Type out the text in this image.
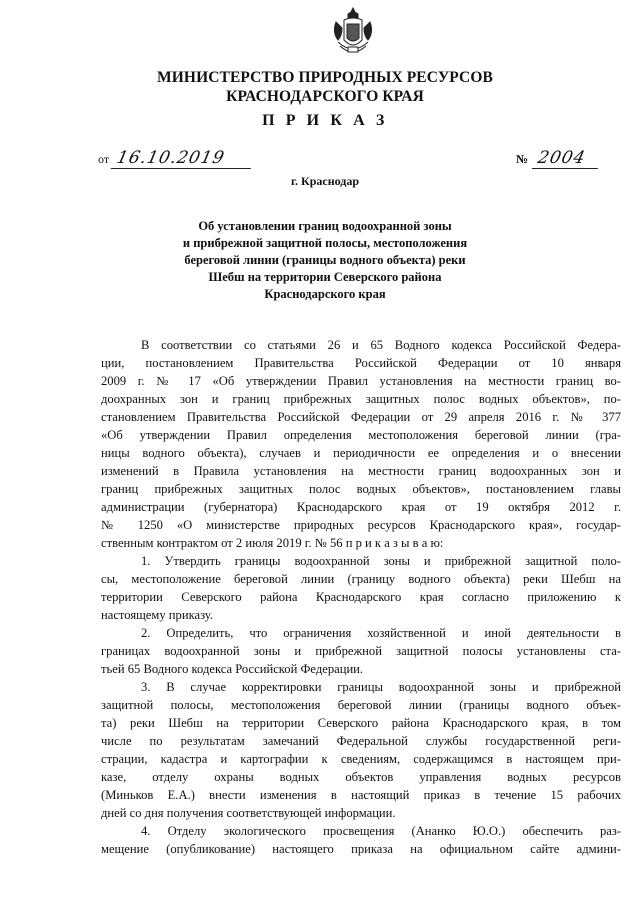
МИНИСТЕРСТВО ПРИРОДНЫХ РЕСУРСОВ
КРАСНОДАРСКОГО КРАЯ
П Р И К А З
от 16.10.2019	№ 2004
г. Краснодар
Об установлении границ водоохранной зоны
и прибрежной защитной полосы, местоположения
береговой линии (границы водного объекта) реки
Шебш на территории Северского района
Краснодарского края
В соответствии со статьями 26 и 65 Водного кодекса Российской Федера-
ции, постановлением Правительства Российской Федерации от 10 января
2009 г. № 17 «Об утверждении Правил установления на местности границ во-
доохранных зон и границ прибрежных защитных полос водных объектов», по-
становлением Правительства Российской Федерации от 29 апреля 2016 г. № 377
«Об утверждении Правил определения местоположения береговой линии (гра-
ницы водного объекта), случаев и периодичности ее определения и о внесении
изменений в Правила установления на местности границ водоохранных зон и
границ прибрежных защитных полос водных объектов», постановлением главы
администрации (губернатора) Краснодарского края от 19 октября 2012 г.
№ 1250 «О министерстве природных ресурсов Краснодарского края», государ-
ственным контрактом от 2 июля 2019 г. № 56 п р и к а з ы в а ю:
1. Утвердить границы водоохранной зоны и прибрежной защитной поло-
сы, местоположение береговой линии (границу водного объекта) реки Шебш на
территории Северского района Краснодарского края согласно приложению к
настоящему приказу.
2. Определить, что ограничения хозяйственной и иной деятельности в
границах водоохранной зоны и прибрежной защитной полосы установлены ста-
тьей 65 Водного кодекса Российской Федерации.
3. В случае корректировки границы водоохранной зоны и прибрежной
защитной полосы, местоположения береговой линии (границы водного объек-
та) реки Шебш на территории Северского района Краснодарского края, в том
числе по результатам замечаний Федеральной службы государственной реги-
страции, кадастра и картографии к сведениям, содержащимся в настоящем при-
казе, отделу охраны водных объектов управления водных ресурсов
(Миньков Е.А.) внести изменения в настоящий приказ в течение 15 рабочих
дней со дня получения соответствующей информации.
4. Отделу экологического просвещения (Ананко Ю.О.) обеспечить раз-
мещение (опубликование) настоящего приказа на официальном сайте админи-
